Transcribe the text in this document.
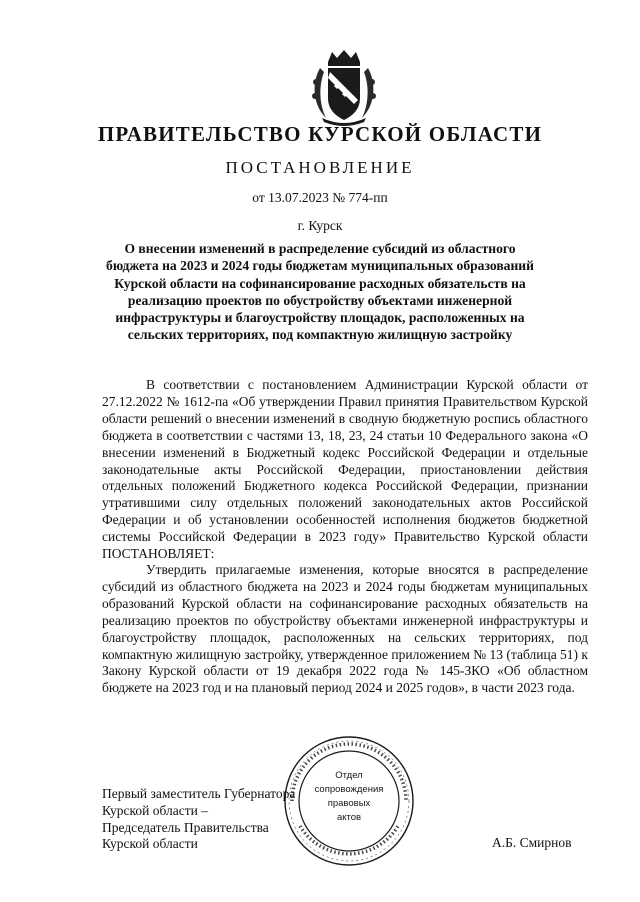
ПРАВИТЕЛЬСТВО КУРСКОЙ ОБЛАСТИ
ПОСТАНОВЛЕНИЕ
от 13.07.2023 № 774-пп
г. Курск
О внесении изменений в распределение субсидий из областного
бюджета на 2023 и 2024 годы бюджетам муниципальных образований
Курской области на софинансирование расходных обязательств на
реализацию проектов по обустройству объектами инженерной
инфраструктуры и благоустройству площадок, расположенных на
сельских территориях, под компактную жилищную застройку
В соответствии с постановлением Администрации Курской области от 27.12.2022 № 1612-па «Об утверждении Правил принятия Правительством Курской области решений о внесении изменений в сводную бюджетную роспись областного бюджета в соответствии с частями 13, 18, 23, 24 статьи 10 Федерального закона «О внесении изменений в Бюджетный кодекс Российской Федерации и отдельные законодательные акты Российской Федерации, приостановлении действия отдельных положений Бюджетного кодекса Российской Федерации, признании утратившими силу отдельных положений законодательных актов Российской Федерации и об установлении особенностей исполнения бюджетов бюджетной системы Российской Федерации в 2023 году» Правительство Курской области ПОСТАНОВЛЯЕТ:
Утвердить прилагаемые изменения, которые вносятся в распределение субсидий из областного бюджета на 2023 и 2024 годы бюджетам муниципальных образований Курской области на софинансирование расходных обязательств на реализацию проектов по обустройству объектами инженерной инфраструктуры и благоустройству площадок, расположенных на сельских территориях, под компактную жилищную застройку, утвержденное приложением № 13 (таблица 51) к Закону Курской области от 19 декабря 2022 года № 145-ЗКО «Об областном бюджете на 2023 год и на плановый период 2024 и 2025 годов», в части 2023 года.
Отдел
сопровождения
правовых
актов
Первый заместитель Губернатора
Курской области –
Председатель Правительства
Курской области	А.Б. Смирнов
